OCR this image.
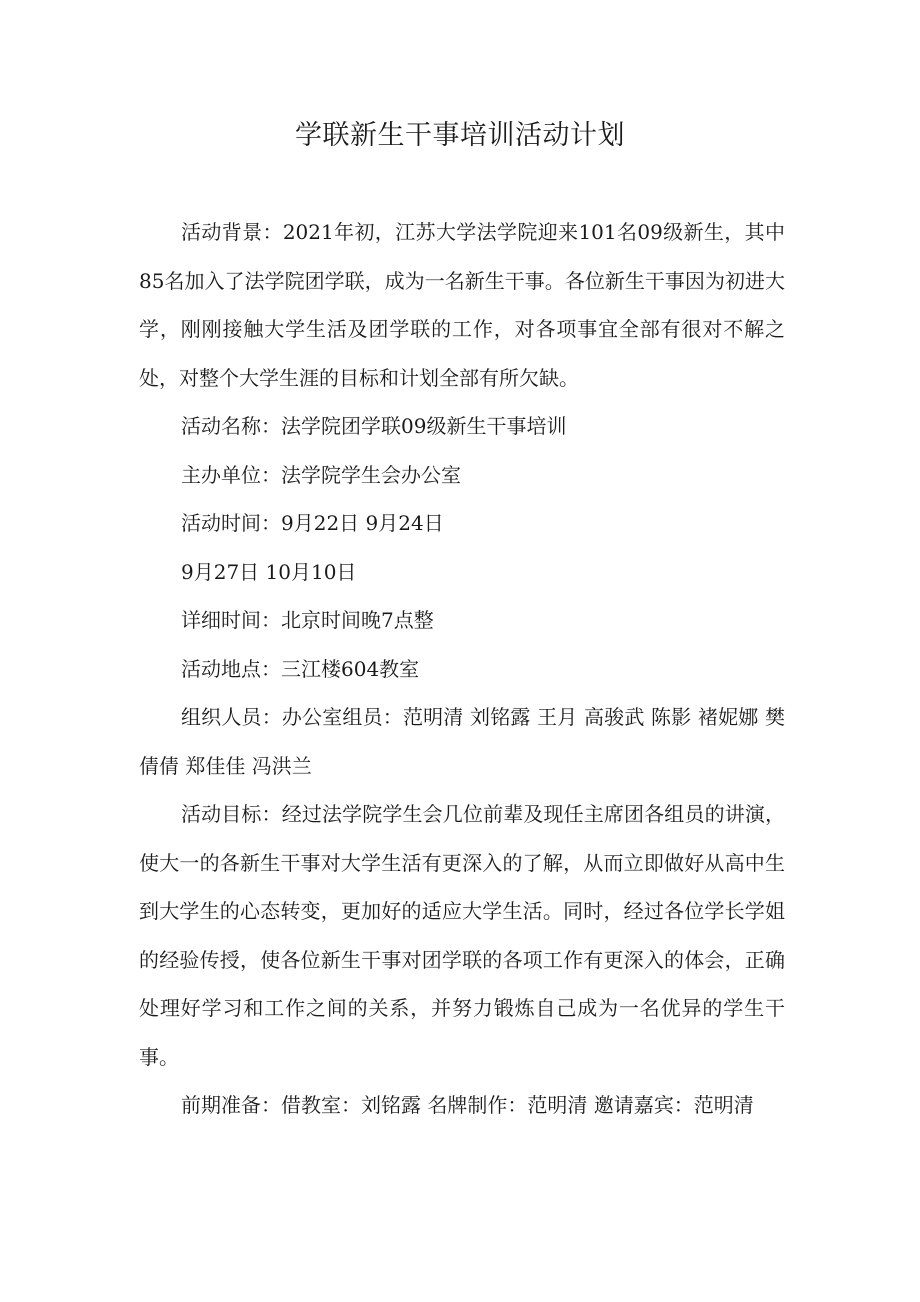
学联新生干事培训活动计划

活动背景：2021年初，江苏大学法学院迎来101名09级新生，其中85名加入了法学院团学联，成为一名新生干事。各位新生干事因为初进大学，刚刚接触大学生活及团学联的工作，对各项事宜全部有很对不解之处，对整个大学生涯的目标和计划全部有所欠缺。

活动名称：法学院团学联09级新生干事培训

主办单位：法学院学生会办公室

活动时间：9月22日 9月24日

9月27日 10月10日

详细时间：北京时间晚7点整

活动地点：三江楼604教室

组织人员：办公室组员：范明清 刘铭露 王月 高骏武 陈影 褚妮娜 樊倩倩 郑佳佳 冯洪兰

活动目标：经过法学院学生会几位前辈及现任主席团各组员的讲演，使大一的各新生干事对大学生活有更深入的了解，从而立即做好从高中生到大学生的心态转变，更加好的适应大学生活。同时，经过各位学长学姐的经验传授，使各位新生干事对团学联的各项工作有更深入的体会，正确处理好学习和工作之间的关系，并努力锻炼自己成为一名优异的学生干事。

前期准备：借教室：刘铭露 名牌制作：范明清 邀请嘉宾：范明清
